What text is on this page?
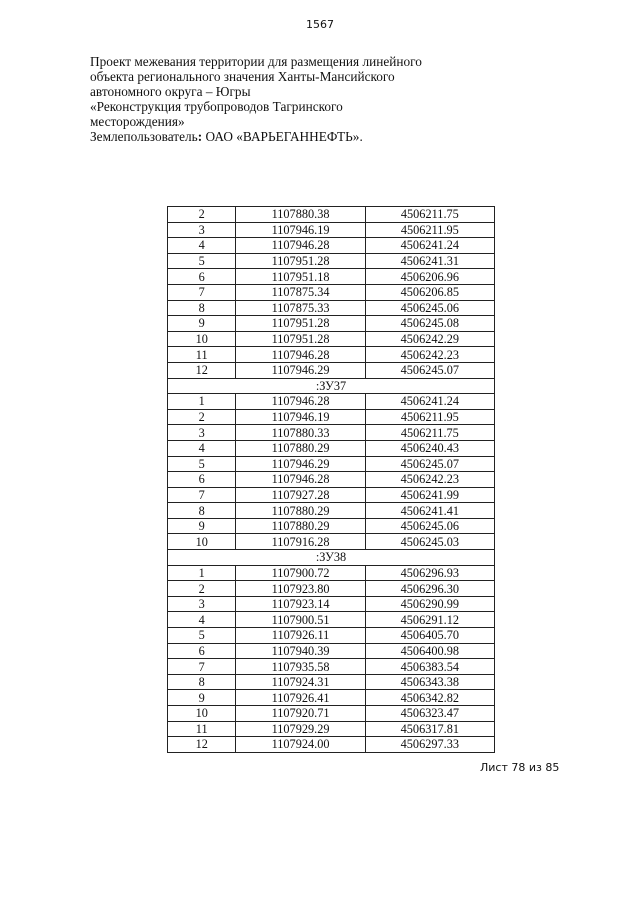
1567
Проект межевания территории для размещения линейного
объекта регионального значения Ханты-Мансийского
автономного округа – Югры
«Реконструкция трубопроводов Тагринского
месторождения»
Землепользователь: ОАО «ВАРЬЕГАННЕФТЬ».
2	1107880.38	4506211.75
3	1107946.19	4506211.95
4	1107946.28	4506241.24
5	1107951.28	4506241.31
6	1107951.18	4506206.96
7	1107875.34	4506206.85
8	1107875.33	4506245.06
9	1107951.28	4506245.08
10	1107951.28	4506242.29
11	1107946.28	4506242.23
12	1107946.29	4506245.07
:ЗУ37		
1	1107946.28	4506241.24
2	1107946.19	4506211.95
3	1107880.33	4506211.75
4	1107880.29	4506240.43
5	1107946.29	4506245.07
6	1107946.28	4506242.23
7	1107927.28	4506241.99
8	1107880.29	4506241.41
9	1107880.29	4506245.06
10	1107916.28	4506245.03
:ЗУ38		
1	1107900.72	4506296.93
2	1107923.80	4506296.30
3	1107923.14	4506290.99
4	1107900.51	4506291.12
5	1107926.11	4506405.70
6	1107940.39	4506400.98
7	1107935.58	4506383.54
8	1107924.31	4506343.38
9	1107926.41	4506342.82
10	1107920.71	4506323.47
11	1107929.29	4506317.81
12	1107924.00	4506297.33
Лист 78 из 85
